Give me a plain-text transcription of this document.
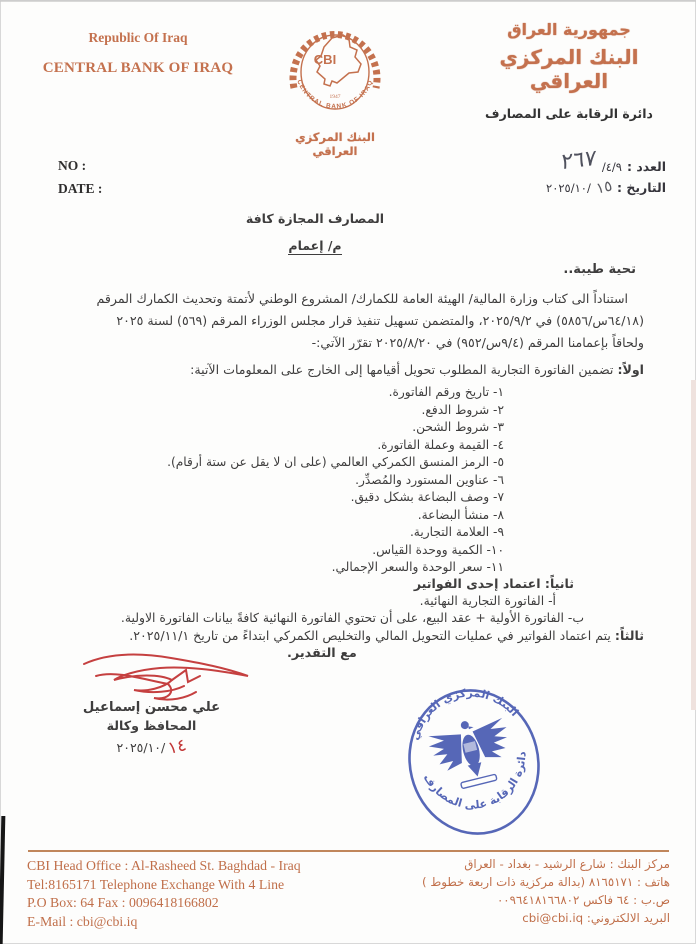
Republic Of Iraq
CENTRAL BANK OF IRAQ
CBI
1947
CENTRAL BANK OF IRAQ
البنك المركزي العراقي
جمهورية العراق
البنك المركزي العراقي
دائرة الرقابة على المصارف
العدد :
/٤/٩
٢٦٧
التاريخ :
١٥
٢٠٢٥/١٠/
NO :
DATE :
المصارف المجازة كافة
م/ إعمام
تحية طيبة..
استناداً الى كتاب وزارة المالية/ الهيئة العامة للكمارك/ المشروع الوطني لأتمتة وتحديث الكمارك المرقم
(٦٤/١٨س/٥٨٥٦) في ٢٠٢٥/٩/٢، والمتضمن تسهيل تنفيذ قرار مجلس الوزراء المرقم (٥٦٩) لسنة ٢٠٢٥
ولحاقاً بإعمامنا المرقم (٩/٤س/٩٥٢) في ٢٠٢٥/٨/٢٠ تقرّر الآتي:-
اولاً: تضمين الفاتورة التجارية المطلوب تحويل أقيامها إلى الخارج على المعلومات الآتية:
١- تاريخ ورقم الفاتورة.
٢- شروط الدفع.
٣- شروط الشحن.
٤- القيمة وعملة الفاتورة.
٥- الرمز المنسق الكمركي العالمي (على ان لا يقل عن ستة أرقام).
٦- عناوين المستورد والمُصدِّر.
٧- وصف البضاعة بشكل دقيق.
٨- منشأ البضاعة.
٩- العلامة التجارية.
١٠- الكمية ووحدة القياس.
١١- سعر الوحدة والسعر الإجمالي.
ثانياً: اعتماد إحدى الفواتير
أ- الفاتورة التجارية النهائية.
ب- الفاتورة الأولية + عقد البيع، على أن تحتوي الفاتورة النهائية كافةً بيانات الفاتورة الاولية.
ثالثاً: يتم اعتماد الفواتير في عمليات التحويل المالي والتخليص الكمركي ابتداءً من تاريخ ٢٠٢٥/١١/١.
مع التقدير.
علي محسن إسماعيل
المحافظ وكالة
١٤
٢٠٢٥/١٠/
البنك المركزي العراقي
دائرة الرقابة على المصارف
CBI Head Office : Al-Rasheed St. Baghdad - Iraq
Tel:8165171 Telephone Exchange With 4 Line
P.O Box: 64 Fax : 0096418166802
E-Mail : cbi@cbi.iq
مركز البنك : شارع الرشيد - بغداد - العراق
هاتف : ٨١٦٥١٧١ (بدالة مركزية ذات اربعة خطوط )
ص.ب : ٦٤ فاكس ٠٠٩٦٤١٨١٦٦٨٠٢
البريد الالكتروني: cbi@cbi.iq
